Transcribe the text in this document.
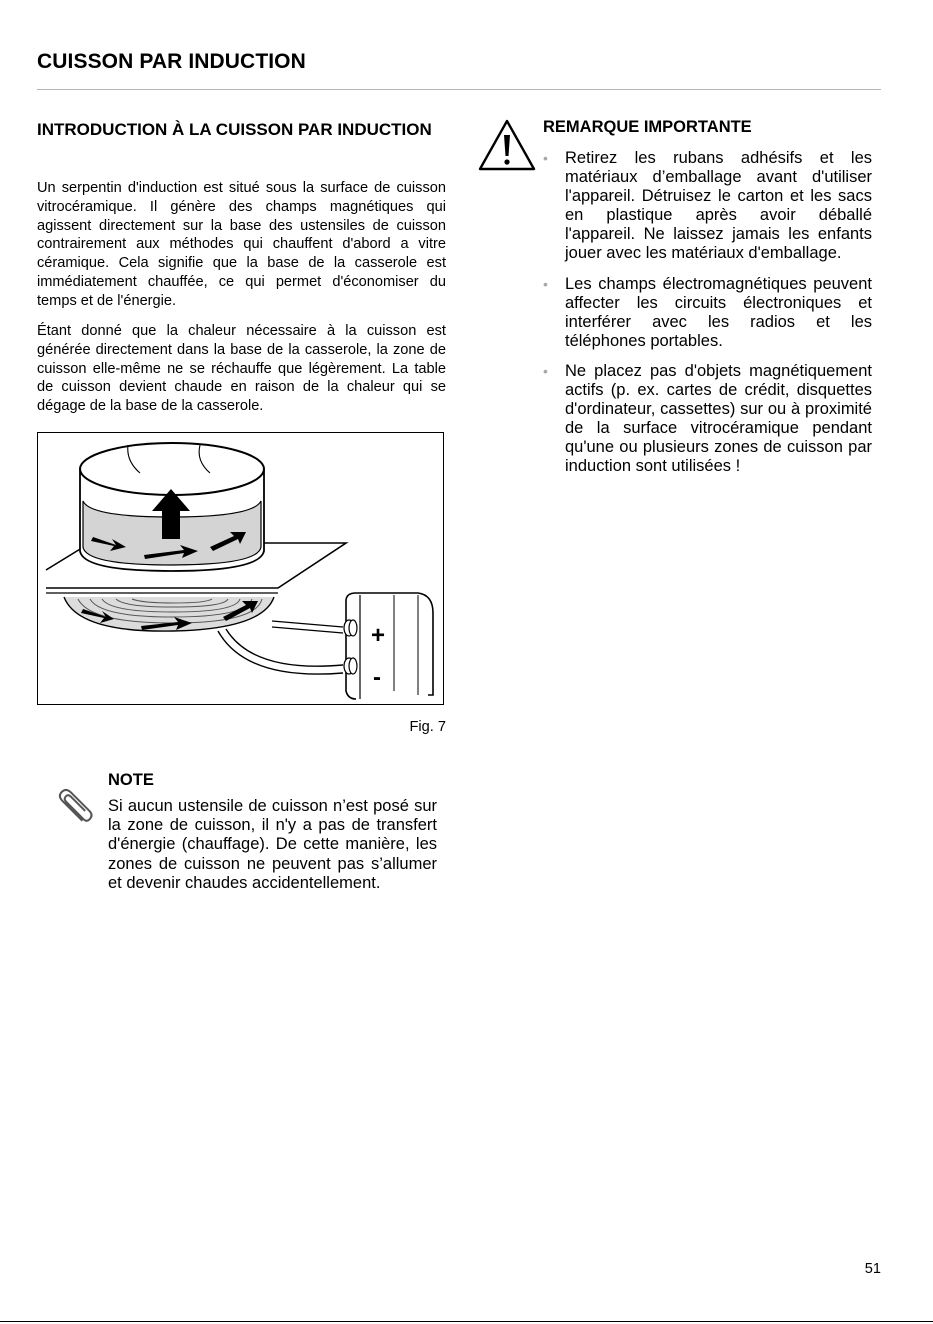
CUISSON PAR INDUCTION
INTRODUCTION À LA CUISSON PAR INDUCTION
Un serpentin d'induction est situé sous la surface de cuisson vitrocéramique. Il génère des champs magnétiques qui agissent directement sur la base des ustensiles de cuisson contrairement aux méthodes qui chauffent d'abord a vitre céramique. Cela signifie que la base de la casserole est immédiatement chauffée, ce qui permet d'économiser du temps et de l'énergie.
Étant donné que la chaleur nécessaire à la cuisson est générée directement dans la base de la casserole, la zone de cuisson elle-même ne se réchauffe que légèrement. La table de cuisson devient chaude en raison de la chaleur qui se dégage de la base de la casserole.
+
-
Fig. 7
NOTE
Si aucun ustensile de cuisson n’est posé sur la zone de cuisson, il n'y a pas de transfert d'énergie (chauffage). De cette manière, les zones de cuisson ne peuvent pas s’allumer et devenir chaudes accidentellement.
REMARQUE IMPORTANTE
• Retirez les rubans adhésifs et les matériaux d’emballage avant d'utiliser l'appareil. Détruisez le carton et les sacs en plastique après avoir déballé l'appareil. Ne laissez jamais les enfants jouer avec les matériaux d'emballage.
• Les champs électromagnétiques peuvent affecter les circuits électroniques et interférer avec les radios et les téléphones portables.
• Ne placez pas d'objets magnétiquement actifs (p. ex. cartes de crédit, disquettes d'ordinateur, cassettes) sur ou à proximité de la surface vitrocéramique pendant qu'une ou plusieurs zones de cuisson par induction sont utilisées !
51
